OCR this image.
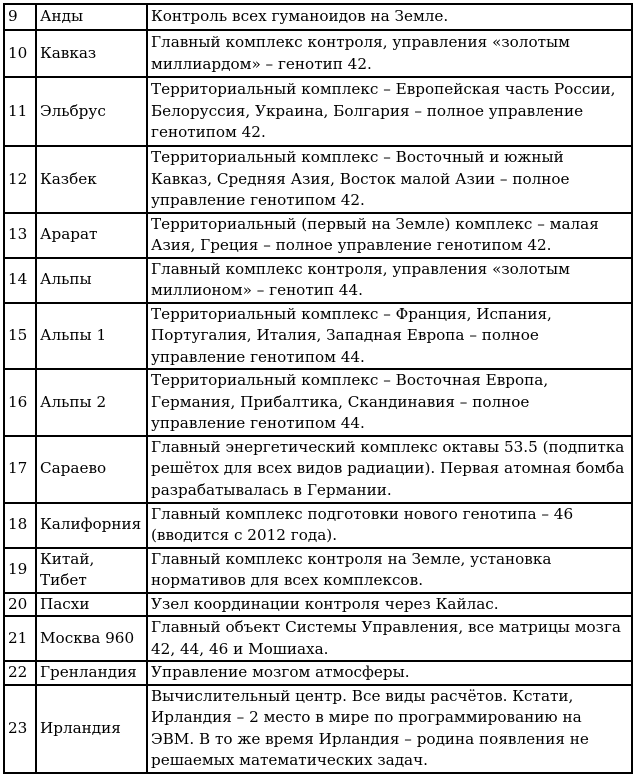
9	Анды	Контроль всех гуманоидов на Земле.
10	Кавказ	Главный комплекс контроля, управления «золотым миллиардом» – генотип 42.
11	Эльбрус	Территориальный комплекс – Европейская часть России, Белоруссия, Украина, Болгария – полное управление генотипом 42.
12	Казбек	Территориальный комплекс – Восточный и южный Кавказ, Средняя Азия, Восток малой Азии – полное управление генотипом 42.
13	Арарат	Территориальный (первый на Земле) комплекс – малая Азия, Греция – полное управление генотипом 42.
14	Альпы	Главный комплекс контроля, управления «золотым миллионом» – генотип 44.
15	Альпы 1	Территориальный комплекс – Франция, Испания, Португалия, Италия, Западная Европа – полное управление генотипом 44.
16	Альпы 2	Территориальный комплекс – Восточная Европа, Германия, Прибалтика, Скандинавия – полное управление генотипом 44.
17	Сараево	Главный энергетический комплекс октавы 53.5 (подпитка решётох для всех видов радиации). Первая атомная бомба разрабатывалась в Германии.
18	Калифорния	Главный комплекс подготовки нового генотипа – 46 (вводится с 2012 года).
19	Китай, Тибет	Главный комплекс контроля на Земле, установка нормативов для всех комплексов.
20	Пасхи	Узел координации контроля через Кайлас.
21	Москва 960	Главный объект Системы Управления, все матрицы мозга 42, 44, 46 и Мошиаха.
22	Гренландия	Управление мозгом атмосферы.
23	Ирландия	Вычислительный центр. Все виды расчётов. Кстати, Ирландия – 2 место в мире по программированию на ЭВМ. В то же время Ирландия – родина появления не решаемых математических задач.
